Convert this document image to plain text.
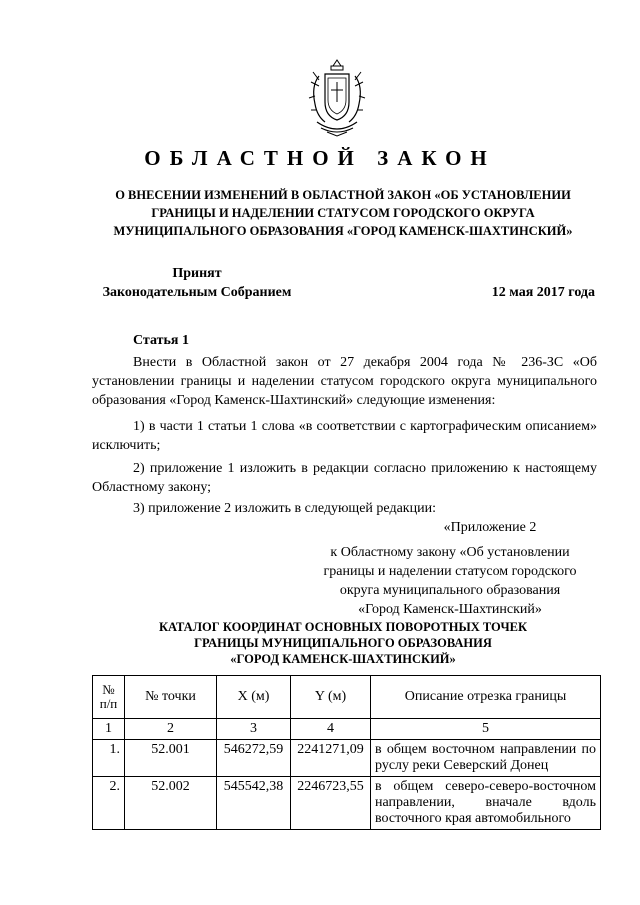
ОБЛАСТНОЙ ЗАКОН
О ВНЕСЕНИИ ИЗМЕНЕНИЙ В ОБЛАСТНОЙ ЗАКОН «ОБ УСТАНОВЛЕНИИ ГРАНИЦЫ И НАДЕЛЕНИИ СТАТУСОМ ГОРОДСКОГО ОКРУГА МУНИЦИПАЛЬНОГО ОБРАЗОВАНИЯ «ГОРОД КАМЕНСК-ШАХТИНСКИЙ»
Принят
Законодательным Собранием	12 мая 2017 года
Статья 1

Внести в Областной закон от 27 декабря 2004 года № 236-ЗС «Об установлении границы и наделении статусом городского округа муниципального образования «Город Каменск-Шахтинский» следующие изменения:

1) в части 1 статьи 1 слова «в соответствии с картографическим описанием» исключить;

2) приложение 1 изложить в редакции согласно приложению к настоящему Областному закону;

3) приложение 2 изложить в следующей редакции:

«Приложение 2
к Областному закону «Об установлении
границы и наделении статусом городского
округа муниципального образования
«Город Каменск-Шахтинский»
КАТАЛОГ КООРДИНАТ ОСНОВНЫХ ПОВОРОТНЫХ ТОЧЕК
ГРАНИЦЫ МУНИЦИПАЛЬНОГО ОБРАЗОВАНИЯ
«ГОРОД КАМЕНСК-ШАХТИНСКИЙ»
№
п/п	№ точки	X (м)	Y (м)	Описание отрезка границы
1	2	3	4	5
1.	52.001	546272,59	2241271,09	в общем восточном направлении по руслу реки Северский Донец
2.	52.002	545542,38	2246723,55	в общем северо-северо-восточном направлении, вначале вдоль восточного края автомобильного
